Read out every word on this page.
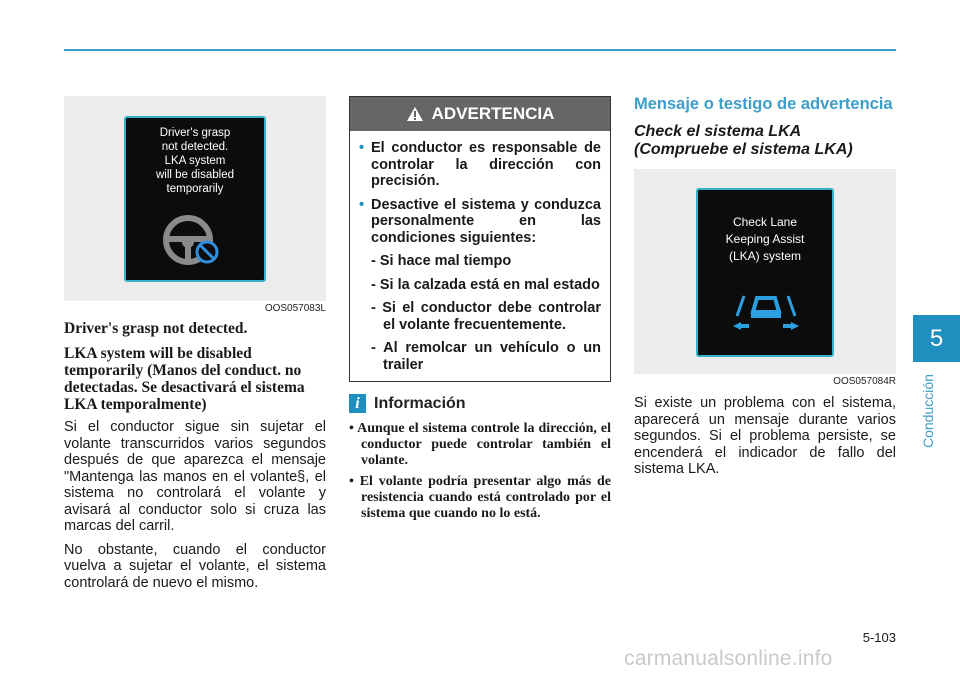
5
Conducción
Driver's grasp
not detected.
LKA system
will be disabled
temporarily
OOS057083L
Driver's grasp not detected.
LKA system will be disabled temporarily (Manos del conduct. no detectadas. Se desactivará el sistema LKA temporalmente)

Si el conductor sigue sin sujetar el volante transcurridos varios segundos después de que aparezca el mensaje "Mantenga las manos en el volante§, el sistema no controlará el volante y avisará al conductor solo si cruza las marcas del carril.

No obstante, cuando el conductor vuelva a sujetar el volante, el sistema controlará de nuevo el mismo.

ADVERTENCIA

• El conductor es responsable de controlar la dirección con precisión.

• Desactive el sistema y conduzca personalmente en las condiciones siguientes:

- Si hace mal tiempo

- Si la calzada está en mal estado

- Si el conductor debe controlar el volante frecuentemente.

- Al remolcar un vehículo o un trailer

i Información

• Aunque el sistema controle la dirección, el conductor puede controlar también el volante.

• El volante podría presentar algo más de resistencia cuando está controlado por el sistema que cuando no lo está.

Mensaje o testigo de advertencia
Check el sistema LKA (Compruebe el sistema LKA)
Check Lane
Keeping Assist
(LKA) system
OOS057084R

Si existe un problema con el sistema, aparecerá un mensaje durante varios segundos. Si el problema persiste, se encenderá el indicador de fallo del sistema LKA.

5-103
carmanualsonline.info
